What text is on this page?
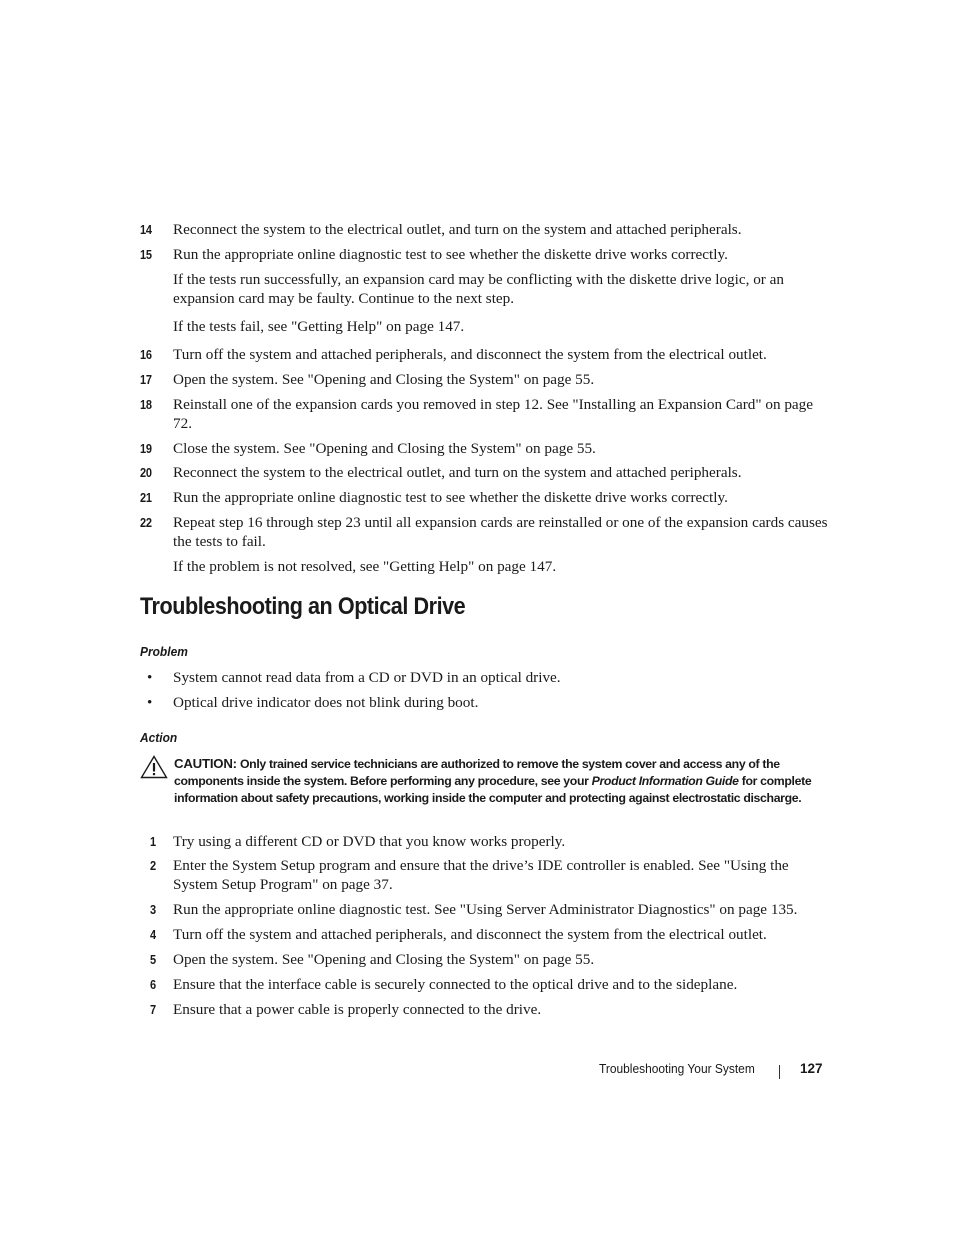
14	Reconnect the system to the electrical outlet, and turn on the system and attached peripherals.
15	Run the appropriate online diagnostic test to see whether the diskette drive works correctly.
If the tests run successfully, an expansion card may be conflicting with the diskette drive logic, or an expansion card may be faulty. Continue to the next step.
If the tests fail, see "Getting Help" on page 147.
16	Turn off the system and attached peripherals, and disconnect the system from the electrical outlet.
17	Open the system. See "Opening and Closing the System" on page 55.
18	Reinstall one of the expansion cards you removed in step 12. See "Installing an Expansion Card" on page 72.
19	Close the system. See "Opening and Closing the System" on page 55.
20	Reconnect the system to the electrical outlet, and turn on the system and attached peripherals.
21	Run the appropriate online diagnostic test to see whether the diskette drive works correctly.
22	Repeat step 16 through step 23 until all expansion cards are reinstalled or one of the expansion cards causes the tests to fail.
If the problem is not resolved, see "Getting Help" on page 147.
Troubleshooting an Optical Drive
Problem
• System cannot read data from a CD or DVD in an optical drive.
• Optical drive indicator does not blink during boot.
Action
CAUTION: Only trained service technicians are authorized to remove the system cover and access any of the components inside the system. Before performing any procedure, see your Product Information Guide for complete information about safety precautions, working inside the computer and protecting against electrostatic discharge.
1	Try using a different CD or DVD that you know works properly.
2	Enter the System Setup program and ensure that the drive’s IDE controller is enabled. See "Using the System Setup Program" on page 37.
3	Run the appropriate online diagnostic test. See "Using Server Administrator Diagnostics" on page 135.
4	Turn off the system and attached peripherals, and disconnect the system from the electrical outlet.
5	Open the system. See "Opening and Closing the System" on page 55.
6	Ensure that the interface cable is securely connected to the optical drive and to the sideplane.
7	Ensure that a power cable is properly connected to the drive.
Troubleshooting Your System	127
